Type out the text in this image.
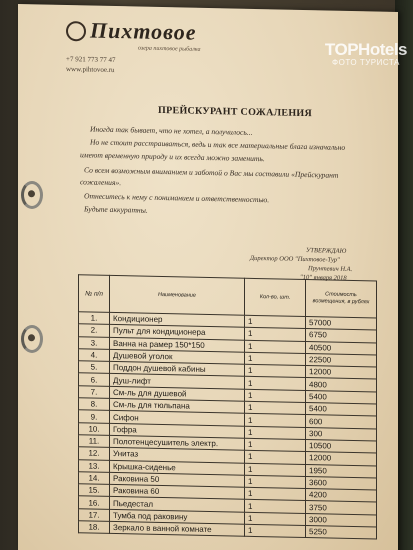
Пихтовое
озера пихтовое рыбалка
+7 921 773 77 47
www.pihtovoe.ru
ПРЕЙСКУРАНТ СОЖАЛЕНИЯ
Иногда так бывает, что не хотел, а получилось...
Но не стоит расстраиваться, ведь и так все материальные блага изначально
имеют временную природу и их всегда можно заменить.
Со всем возможным вниманием и заботой о Вас мы составили «Прейскурант
сожаления».
Отнеситесь к нему с пониманием и ответственностью.
Будьте аккуратны.
УТВЕРЖДАЮ
Директор ООО "Пихтовое-Тур"
Прунтевич Н.А.
"10" января 2018
№ п/п	Наименование	Кол-во, шт.	Стоимость возмещения, в рублях
1.	Кондиционер	1	57000
2.	Пульт для кондиционера	1	6750
3.	Ванна на рамер 150*150	1	40500
4.	Душевой уголок	1	22500
5.	Поддон душевой кабины	1	12000
6.	Душ-лифт	1	4800
7.	См-ль для душевой	1	5400
8.	См-ль для тюльпана	1	5400
9.	Сифон	1	600
10.	Гофра	1	300
11.	Полотенцесушитель электр.	1	10500
12.	Унитаз	1	12000
13.	Крышка-сиденье	1	1950
14.	Раковина 50	1	3600
15.	Раковина 60	1	4200
16.	Пьедестал	1	3750
17.	Тумба под раковину	1	3000
18.	Зеркало в ванной комнате	1	5250
TOPHotels
ФОТО ТУРИСТА
